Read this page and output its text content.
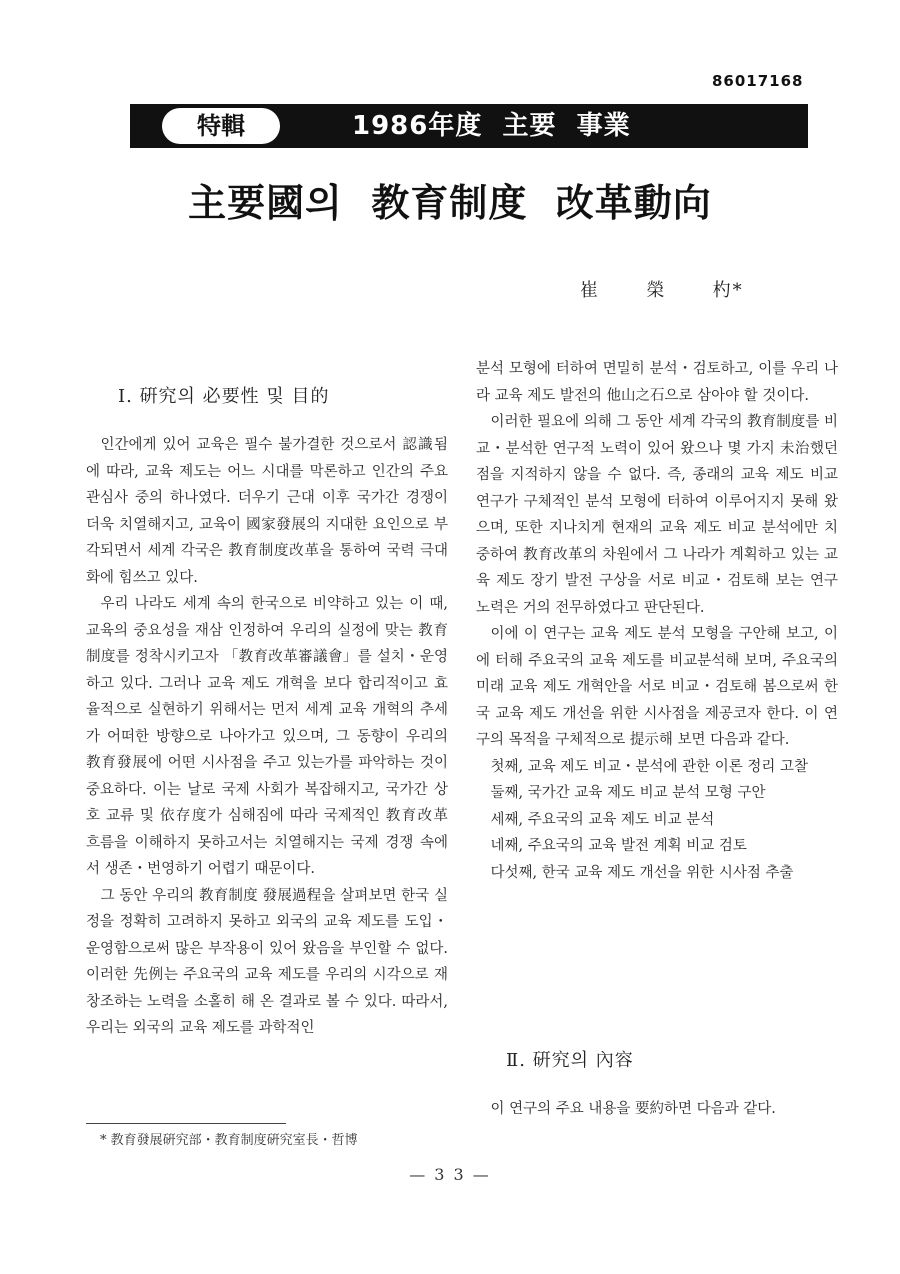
86017168
特輯	1986年度  主要  事業
主要國의  教育制度  改革動向
崔      榮      杓*
Ⅰ. 硏究의 必要性 및 目的

인간에게 있어 교육은 필수 불가결한 것으로서 認識됨에 따라, 교육 제도는 어느 시대를 막론하고 인간의 주요 관심사 중의 하나였다. 더우기 근대 이후 국가간 경쟁이 더욱 치열해지고, 교육이 國家發展의 지대한 요인으로 부각되면서 세계 각국은 教育制度改革을 통하여 국력 극대화에 힘쓰고 있다.

우리 나라도 세계 속의 한국으로 비약하고 있는 이 때, 교육의 중요성을 재삼 인정하여 우리의 실정에 맞는 教育制度를 정착시키고자 「教育改革審議會」를 설치・운영하고 있다. 그러나 교육 제도 개혁을 보다 합리적이고 효율적으로 실현하기 위해서는 먼저 세계 교육 개혁의 추세가 어떠한 방향으로 나아가고 있으며, 그 동향이 우리의 教育發展에 어떤 시사점을 주고 있는가를 파악하는 것이 중요하다. 이는 날로 국제 사회가 복잡해지고, 국가간 상호 교류 및 依存度가 심해짐에 따라 국제적인 教育改革 흐름을 이해하지 못하고서는 치열해지는 국제 경쟁 속에서 생존・번영하기 어렵기 때문이다.

그 동안 우리의 教育制度 發展過程을 살펴보면 한국 실정을 정확히 고려하지 못하고 외국의 교육 제도를 도입・운영함으로써 많은 부작용이 있어 왔음을 부인할 수 없다. 이러한 先例는 주요국의 교육 제도를 우리의 시각으로 재창조하는 노력을 소홀히 해 온 결과로 볼 수 있다. 따라서, 우리는 외국의 교육 제도를 과학적인

분석 모형에 터하여 면밀히 분석・검토하고, 이를 우리 나라 교육 제도 발전의 他山之石으로 삼아야 할 것이다.

이러한 필요에 의해 그 동안 세계 각국의 教育制度를 비교・분석한 연구적 노력이 있어 왔으나 몇 가지 未治했던 점을 지적하지 않을 수 없다. 즉, 종래의 교육 제도 비교 연구가 구체적인 분석 모형에 터하여 이루어지지 못해 왔으며, 또한 지나치게 현재의 교육 제도 비교 분석에만 치중하여 教育改革의 차원에서 그 나라가 계획하고 있는 교육 제도 장기 발전 구상을 서로 비교・검토해 보는 연구 노력은 거의 전무하였다고 판단된다.

이에 이 연구는 교육 제도 분석 모형을 구안해 보고, 이에 터해 주요국의 교육 제도를 비교분석해 보며, 주요국의 미래 교육 제도 개혁안을 서로 비교・검토해 봄으로써 한국 교육 제도 개선을 위한 시사점을 제공코자 한다. 이 연구의 목적을 구체적으로 提示해 보면 다음과 같다.

첫째, 교육 제도 비교・분석에 관한 이론 정리 고찰

둘째, 국가간 교육 제도 비교 분석 모형 구안

세째, 주요국의 교육 제도 비교 분석

네째, 주요국의 교육 발전 계획 비교 검토

다섯째, 한국 교육 제도 개선을 위한 시사점 추출

Ⅱ. 硏究의 內容

이 연구의 주요 내용을 要約하면 다음과 같다.

* 教育發展硏究部・教育制度硏究室長・哲博
— 3 3 —
